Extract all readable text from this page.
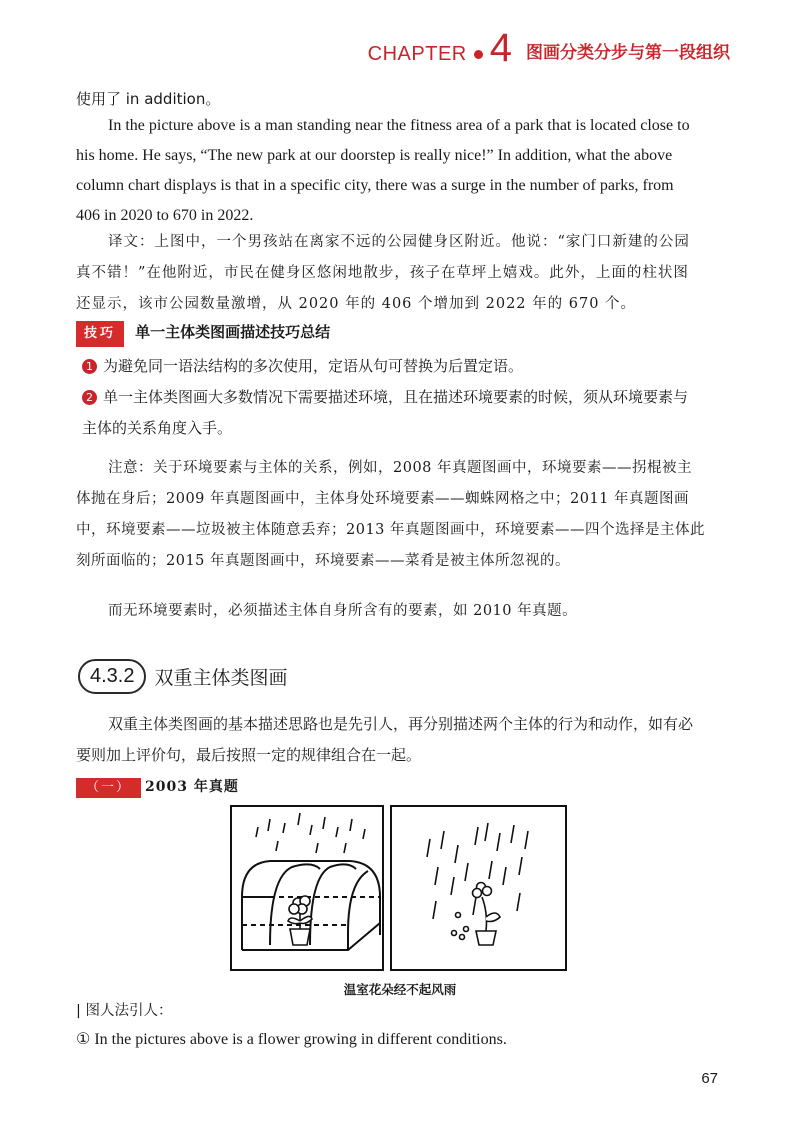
CHAPTER 4 图画分类分步与第一段组织

使用了 in addition。

In the picture above is a man standing near the fitness area of a park that is located close to his home. He says, “The new park at our doorstep is really nice!” In addition, what the above column chart displays is that in a specific city, there was a surge in the number of parks, from 406 in 2020 to 670 in 2022.

译文：上图中，一个男孩站在离家不远的公园健身区附近。他说：“家门口新建的公园真不错！”在他附近，市民在健身区悠闲地散步，孩子在草坪上嬉戏。此外，上面的柱状图还显示，该市公园数量激增，从 2020 年的 406 个增加到 2022 年的 670 个。

技巧 单一主体类图画描述技巧总结
1 为避免同一语法结构的多次使用，定语从句可替换为后置定语。
2 单一主体类图画大多数情况下需要描述环境，且在描述环境要素的时候，须从环境要素与主体的关系角度入手。

注意：关于环境要素与主体的关系，例如，2008 年真题图画中，环境要素——拐棍被主体抛在身后；2009 年真题图画中，主体身处环境要素——蜘蛛网格之中；2011 年真题图画中，环境要素——垃圾被主体随意丢弃；2013 年真题图画中，环境要素——四个选择是主体此刻所面临的；2015 年真题图画中，环境要素——菜肴是被主体所忽视的。

而无环境要素时，必须描述主体自身所含有的要素，如 2010 年真题。

4.3.2	双重主体类图画

双重主体类图画的基本描述思路也是先引人，再分别描述两个主体的行为和动作，如有必要则加上评价句，最后按照一定的规律组合在一起。

（一） 2003 年真题
温室花朵经不起风雨

| 图人法引人：

① In the pictures above is a flower growing in different conditions.

67
